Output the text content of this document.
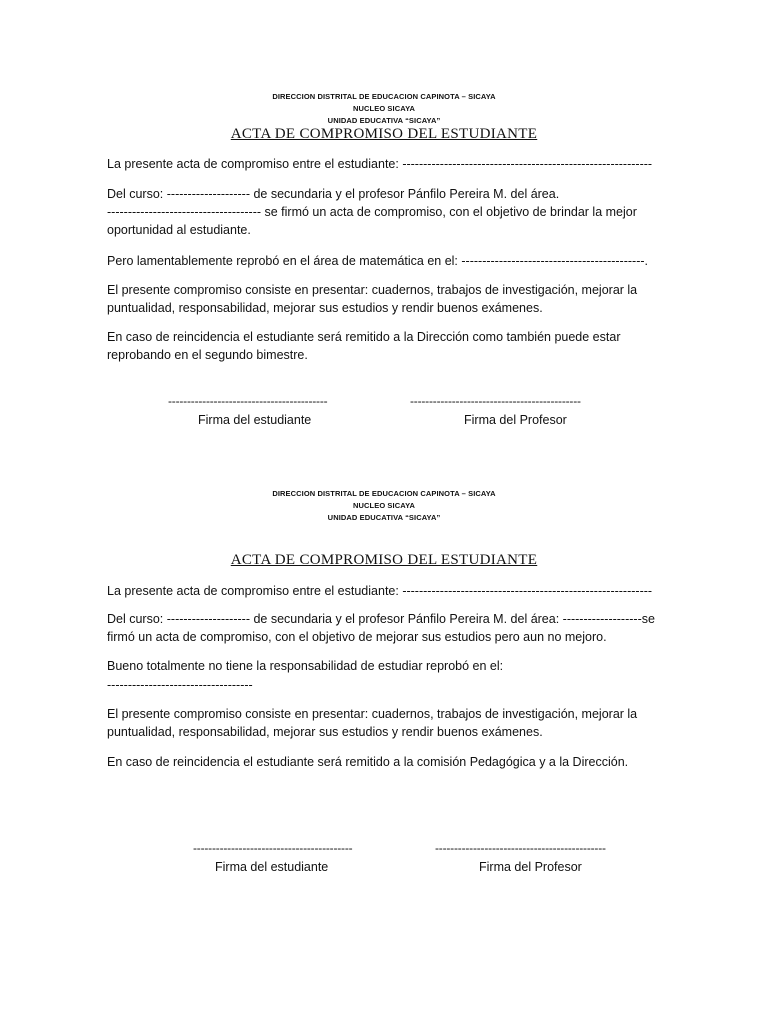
DIRECCION DISTRITAL DE EDUCACION CAPINOTA – SICAYA
NUCLEO SICAYA
UNIDAD EDUCATIVA “SICAYA”
ACTA DE COMPROMISO DEL ESTUDIANTE
La presente acta de compromiso entre el estudiante: ------------------------------------------------------------
Del curso: -------------------- de secundaria y el profesor Pánfilo Pereira M. del área.
------------------------------------- se firmó un acta de compromiso, con el objetivo de brindar la mejor
oportunidad al estudiante.
Pero lamentablemente reprobó en el área de matemática en el: --------------------------------------------.
El presente compromiso consiste en presentar: cuadernos, trabajos de investigación, mejorar la
puntualidad, responsabilidad, mejorar sus estudios y rendir buenos exámenes.
En caso de reincidencia el estudiante será remitido a la Dirección como también puede estar
reprobando en el segundo bimestre.
------------------------------------------	---------------------------------------------
Firma del estudiante	Firma del Profesor
DIRECCION DISTRITAL DE EDUCACION CAPINOTA – SICAYA
NUCLEO SICAYA
UNIDAD EDUCATIVA “SICAYA”
ACTA DE COMPROMISO DEL ESTUDIANTE
La presente acta de compromiso entre el estudiante: ------------------------------------------------------------
Del curso: -------------------- de secundaria y el profesor Pánfilo Pereira M. del área: -------------------se
firmó un acta de compromiso, con el objetivo de mejorar sus estudios pero aun no mejoro.
Bueno totalmente no tiene la responsabilidad de estudiar reprobó en el:
-----------------------------------
El presente compromiso consiste en presentar: cuadernos, trabajos de investigación, mejorar la
puntualidad, responsabilidad, mejorar sus estudios y rendir buenos exámenes.
En caso de reincidencia el estudiante será remitido a la comisión Pedagógica y a la Dirección.
------------------------------------------	---------------------------------------------
Firma del estudiante	Firma del Profesor
